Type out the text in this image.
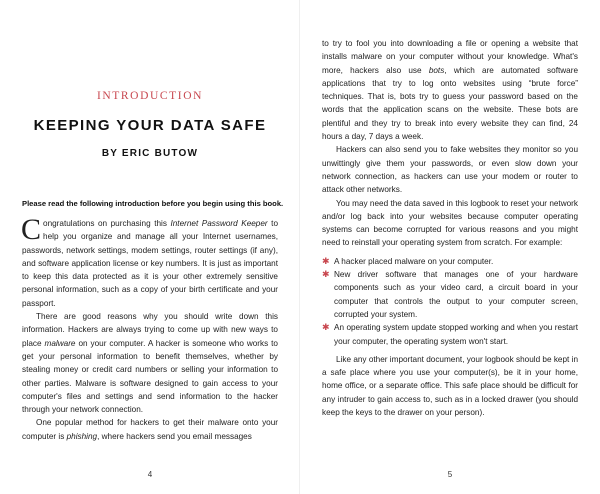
INTRODUCTION
KEEPING YOUR DATA SAFE
BY ERIC BUTOW
Please read the following introduction before you begin using this book.

Congratulations on purchasing this Internet Password Keeper to help you organize and manage all your Internet usernames, passwords, network settings, modem settings, router settings (if any), and software application license or key numbers. It is just as important to keep this data protected as it is your other extremely sensitive personal information, such as a copy of your birth certificate and your passport.

There are good reasons why you should write down this information. Hackers are always trying to come up with new ways to place malware on your computer. A hacker is someone who works to get your personal information to benefit themselves, whether by stealing money or credit card numbers or selling your information to other parties. Malware is software designed to gain access to your computer's files and settings and send information to the hacker through your network connection.

One popular method for hackers to get their malware onto your computer is phishing, where hackers send you email messages

4

to try to fool you into downloading a file or opening a website that installs malware on your computer without your knowledge. What's more, hackers also use bots, which are automated software applications that try to log onto websites using “brute force” techniques. That is, bots try to guess your password based on the words that the application scans on the website. These bots are plentiful and they try to break into every website they can find, 24 hours a day, 7 days a week.

Hackers can also send you to fake websites they monitor so you unwittingly give them your passwords, or even slow down your network connection, as hackers can use your modem or router to attack other networks.

You may need the data saved in this logbook to reset your network and/or log back into your websites because computer operating systems can become corrupted for various reasons and you might need to reinstall your operating system from scratch. For example:

✱ A hacker placed malware on your computer.
✱ New driver software that manages one of your hardware components such as your video card, a circuit board in your computer that controls the output to your computer screen, corrupted your system.
✱ An operating system update stopped working and when you restart your computer, the operating system won't start.

Like any other important document, your logbook should be kept in a safe place where you use your computer(s), be it in your home, home office, or a separate office. This safe place should be difficult for any intruder to gain access to, such as in a locked drawer (you should keep the keys to the drawer on your person).

5
